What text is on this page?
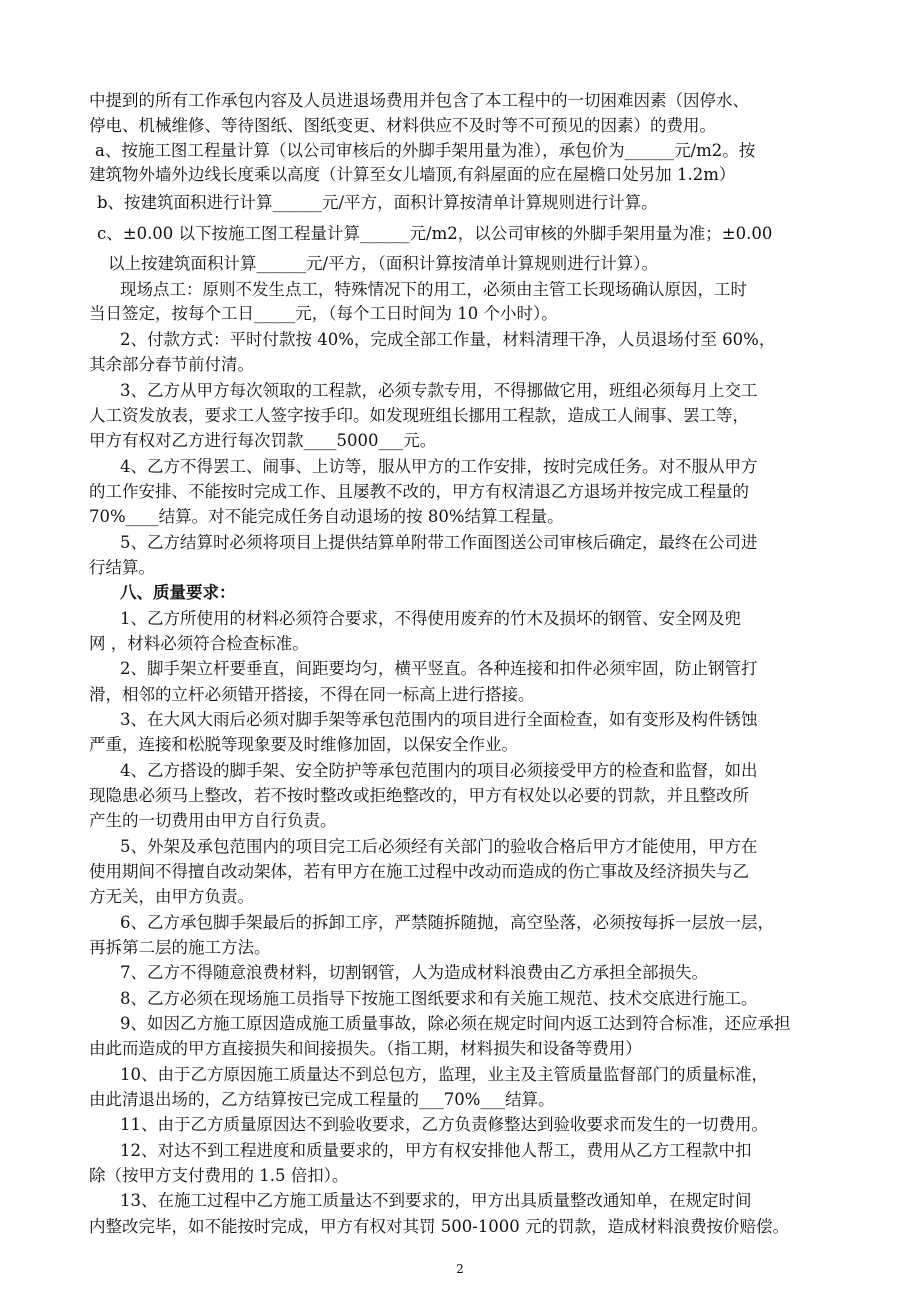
中提到的所有工作承包内容及人员进退场费用并包含了本工程中的一切困难因素（因停水、
停电、机械维修、等待图纸、图纸变更、材料供应不及时等不可预见的因素）的费用。
a、按施工图工程量计算（以公司审核后的外脚手架用量为准），承包价为______元/m2。按
建筑物外墙外边线长度乘以高度（计算至女儿墙顶,有斜屋面的应在屋檐口处另加 1.2m）
b、按建筑面积进行计算______元/平方，面积计算按清单计算规则进行计算。
c、±0.00 以下按施工图工程量计算______元/m2，以公司审核的外脚手架用量为准；±0.00
以上按建筑面积计算______元/平方，（面积计算按清单计算规则进行计算）。
现场点工：原则不发生点工，特殊情况下的用工，必须由主管工长现场确认原因，工时
当日签定，按每个工日_____元，（每个工日时间为 10 个小时）。
2、付款方式：平时付款按 40%，完成全部工作量，材料清理干净，人员退场付至 60%，
其余部分春节前付清。
3、乙方从甲方每次领取的工程款，必须专款专用，不得挪做它用，班组必须每月上交工
人工资发放表，要求工人签字按手印。如发现班组长挪用工程款，造成工人闹事、罢工等，
甲方有权对乙方进行每次罚款____5000___元。
4、乙方不得罢工、闹事、上访等，服从甲方的工作安排，按时完成任务。对不服从甲方
的工作安排、不能按时完成工作、且屡教不改的，甲方有权清退乙方退场并按完成工程量的
70%____结算。对不能完成任务自动退场的按 80%结算工程量。
5、乙方结算时必须将项目上提供结算单附带工作面图送公司审核后确定，最终在公司进
行结算。
八、质量要求：
1、乙方所使用的材料必须符合要求，不得使用废弃的竹木及损坏的钢管、安全网及兜
网 ，材料必须符合检查标准。
2、脚手架立杆要垂直，间距要均匀，横平竖直。各种连接和扣件必须牢固，防止钢管打
滑，相邻的立杆必须错开搭接，不得在同一标高上进行搭接。
3、在大风大雨后必须对脚手架等承包范围内的项目进行全面检查，如有变形及构件锈蚀
严重，连接和松脱等现象要及时维修加固，以保安全作业。
4、乙方搭设的脚手架、安全防护等承包范围内的项目必须接受甲方的检查和监督，如出
现隐患必须马上整改，若不按时整改或拒绝整改的，甲方有权处以必要的罚款，并且整改所
产生的一切费用由甲方自行负责。
5、外架及承包范围内的项目完工后必须经有关部门的验收合格后甲方才能使用，甲方在
使用期间不得擅自改动架体，若有甲方在施工过程中改动而造成的伤亡事故及经济损失与乙
方无关，由甲方负责。
6、乙方承包脚手架最后的拆卸工序，严禁随拆随抛，高空坠落，必须按每拆一层放一层，
再拆第二层的施工方法。
7、乙方不得随意浪费材料，切割钢管，人为造成材料浪费由乙方承担全部损失。
8、乙方必须在现场施工员指导下按施工图纸要求和有关施工规范、技术交底进行施工。
9、如因乙方施工原因造成施工质量事故，除必须在规定时间内返工达到符合标准，还应承担
由此而造成的甲方直接损失和间接损失。（指工期，材料损失和设备等费用）
10、由于乙方原因施工质量达不到总包方，监理，业主及主管质量监督部门的质量标准，
由此清退出场的，乙方结算按已完成工程量的___70%___结算。
11、由于乙方质量原因达不到验收要求，乙方负责修整达到验收要求而发生的一切费用。
12、对达不到工程进度和质量要求的，甲方有权安排他人帮工，费用从乙方工程款中扣
除（按甲方支付费用的 1.5 倍扣）。
13、在施工过程中乙方施工质量达不到要求的，甲方出具质量整改通知单，在规定时间
内整改完毕，如不能按时完成，甲方有权对其罚 500-1000 元的罚款，造成材料浪费按价赔偿。
2
